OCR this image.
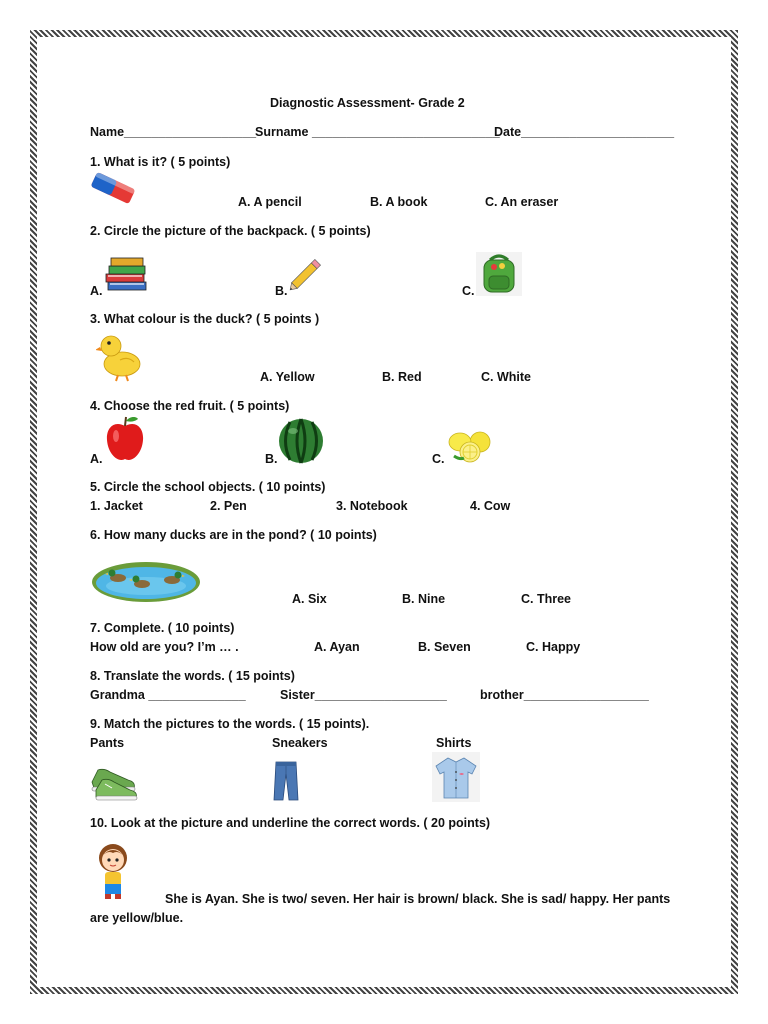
Diagnostic Assessment- Grade 2
Name___________________
Surname ___________________________
Date______________________
1. What is it? ( 5 points)
A. A pencil	B. A book	C. An eraser
2. Circle the picture of the backpack. ( 5 points)
A.	B.	C.
3. What colour is the duck? ( 5 points )
A. Yellow	B. Red	C. White
4. Choose the red fruit. ( 5 points)
A.	B.	C.
5. Circle the school objects. ( 10 points)
1. Jacket	2. Pen	3. Notebook	4. Cow
6. How many ducks are in the pond? ( 10 points)
A. Six	B. Nine	C. Three
7. Complete. ( 10 points)
How old are you? I’m … .	A. Ayan	B. Seven	C. Happy
8. Translate the words. ( 15 points)
Grandma ______________	Sister___________________	brother__________________
9. Match the pictures to the words. ( 15 points).
Pants	Sneakers	Shirts
10. Look at the picture and underline the correct words. ( 20 points)
She is Ayan. She is two/ seven. Her hair is brown/ black. She is sad/ happy. Her pants
are yellow/blue.
